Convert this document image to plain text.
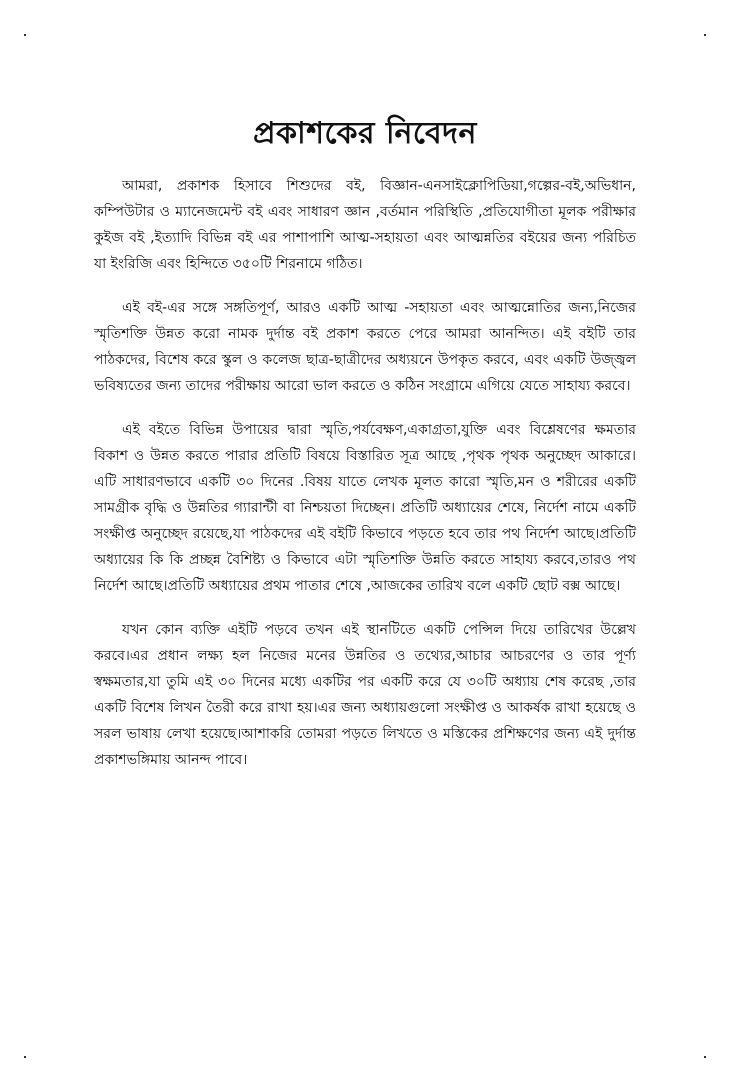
প্রকাশকের নিবেদন

আমরা, প্রকাশক হিসাবে শিশুদের বই, বিজ্ঞান-এনসাইক্লোপিডিয়া,গল্পের-বই,অভিধান, কম্পিউটার ও ম্যানেজমেন্ট বই এবং সাধারণ জ্ঞান ,বর্তমান পরিস্থিতি ,প্রতিযোগীতা মূলক পরীক্ষার কুইজ বই ,ইত্যাদি বিভিন্ন বই এর পাশাপাশি আত্ম-সহায়তা এবং আত্মন্নতির বইয়ের জন্য পরিচিত যা ইংরিজি এবং হিন্দিতে ৩৫০টি শিরনামে গঠিত।

এই বই-এর সঙ্গে সঙ্গতিপূর্ণ, আরও একটি আত্ম -সহায়তা এবং আত্মন্নোতির জন্য,নিজের স্মৃতিশক্তি উন্নত করো নামক দুর্দান্ত বই প্রকাশ করতে পেরে আমরা আনন্দিত। এই বইটি তার পাঠকদের, বিশেষ করে স্কুল ও কলেজ ছাত্র-ছাত্রীদের অধ্যয়নে উপকৃত করবে, এবং একটি উজ্জ্বল ভবিষ্যতের জন্য তাদের পরীক্ষায় আরো ভাল করতে ও কঠিন সংগ্রামে এগিয়ে যেতে সাহায্য করবে।

এই বইতে বিভিন্ন উপায়ের দ্বারা স্মৃতি,পর্যবেক্ষণ,একাগ্রতা,যুক্তি এবং বিশ্লেষণের ক্ষমতার বিকাশ ও উন্নত করতে পারার প্রতিটি বিষয়ে বিস্তারিত সূত্র আছে ,পৃথক পৃথক অনুচ্ছেদ আকারে। এটি সাধারণভাবে একটি ৩০ দিনের .বিষয় যাতে লেখক মূলত কারো স্মৃতি,মন ও শরীরের একটি সামগ্রীক বৃদ্ধি ও উন্নতির গ্যারান্টী বা নিশ্চয়তা দিচ্ছেন। প্রতিটি অধ্যায়ের শেষে, নির্দেশ নামে একটি সংক্ষীপ্ত অনুচ্ছেদ রয়েছে,যা পাঠকদের এই বইটি কিভাবে পড়তে হবে তার পথ নির্দেশ আছে।প্রতিটি অধ্যায়ের কি কি প্রচ্ছন্ন বৈশিষ্ট্য ও কিভাবে এটা স্মৃতিশক্তি উন্নতি করতে সাহায্য করবে,তারও পথ নির্দেশ আছে।প্রতিটি অধ্যায়ের প্রথম পাতার শেষে ,আজকের তারিখ বলে একটি ছোট বক্স আছে।

যখন কোন ব্যক্তি এইটি পড়বে তখন এই স্থানটিতে একটি পেন্সিল দিয়ে তারিখের উল্লেখ করবে।এর প্রধান লক্ষ্য হল নিজের মনের উন্নতির ও তথ্যের,আচার আচরণের ও তার পূর্ণ্য স্বক্ষমতার,যা তুমি এই ৩০ দিনের মধ্যে একটির পর একটি করে যে ৩০টি অধ্যায় শেষ করেছ ,তার একটি বিশেষ লিখন তৈরী করে রাখা হয়।এর জন্য অধ্যায়গুলো সংক্ষীপ্ত ও আকর্ষক রাখা হয়েছে ও সরল ভাষায় লেখা হয়েছে।আশাকরি তোমরা পড়তে লিখতে ও মস্তিকের প্রশিক্ষণের জন্য এই দুর্দান্ত প্রকাশভঙ্গিমায় আনন্দ পাবে।
